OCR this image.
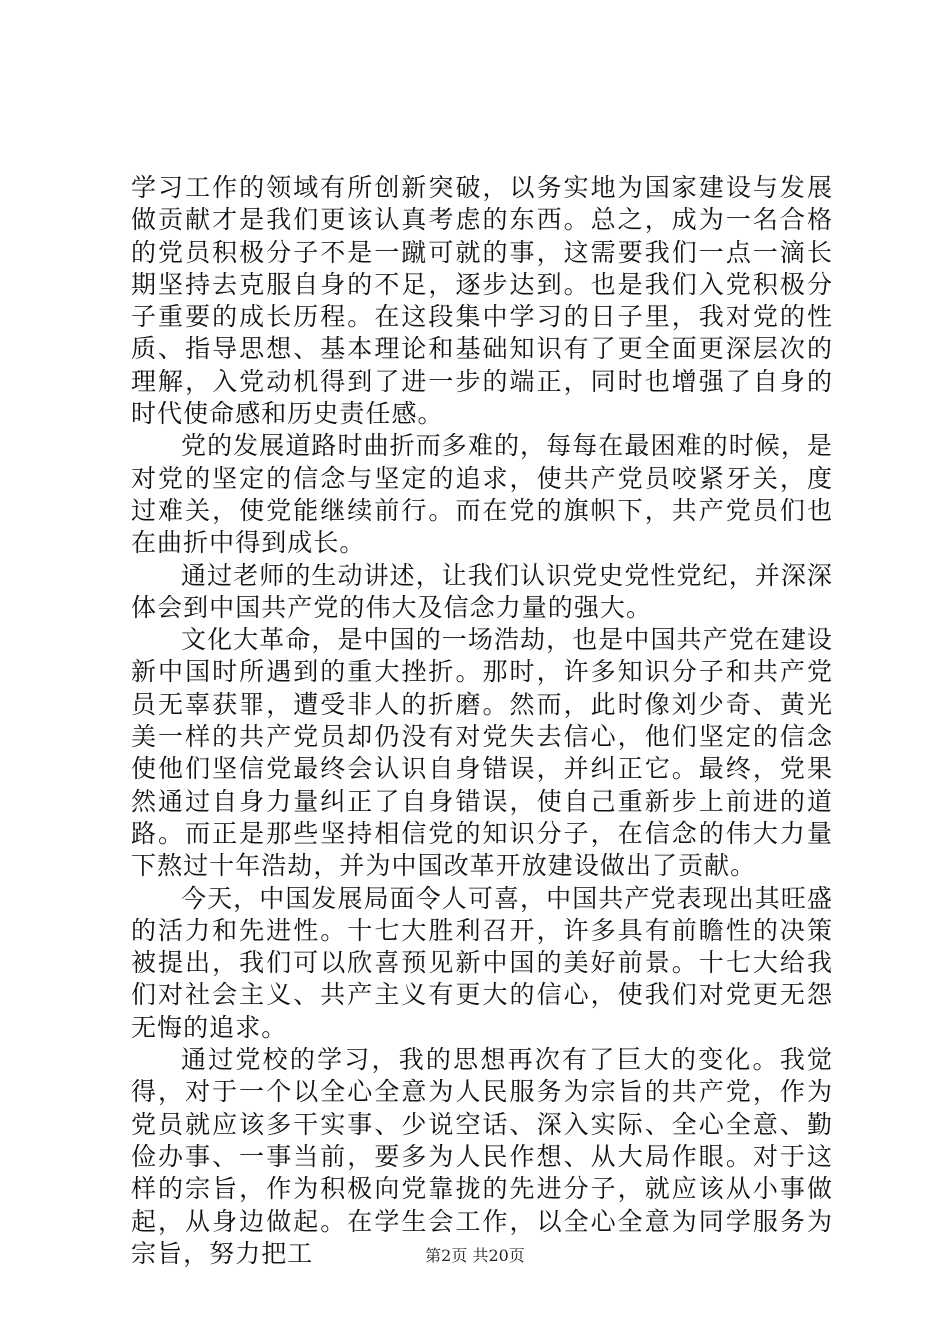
学习工作的领域有所创新突破，以务实地为国家建设与发展做贡献才是我们更该认真考虑的东西。总之，成为一名合格的党员积极分子不是一蹴可就的事，这需要我们一点一滴长期坚持去克服自身的不足，逐步达到。也是我们入党积极分子重要的成长历程。在这段集中学习的日子里，我对党的性质、指导思想、基本理论和基础知识有了更全面更深层次的理解，入党动机得到了进一步的端正，同时也增强了自身的时代使命感和历史责任感。

党的发展道路时曲折而多难的，每每在最困难的时候，是对党的坚定的信念与坚定的追求，使共产党员咬紧牙关，度过难关，使党能继续前行。而在党的旗帜下，共产党员们也在曲折中得到成长。

通过老师的生动讲述，让我们认识党史党性党纪，并深深体会到中国共产党的伟大及信念力量的强大。

文化大革命，是中国的一场浩劫，也是中国共产党在建设新中国时所遇到的重大挫折。那时，许多知识分子和共产党员无辜获罪，遭受非人的折磨。然而，此时像刘少奇、黄光美一样的共产党员却仍没有对党失去信心，他们坚定的信念使他们坚信党最终会认识自身错误，并纠正它。最终，党果然通过自身力量纠正了自身错误，使自己重新步上前进的道路。而正是那些坚持相信党的知识分子，在信念的伟大力量下熬过十年浩劫，并为中国改革开放建设做出了贡献。

今天，中国发展局面令人可喜，中国共产党表现出其旺盛的活力和先进性。十七大胜利召开，许多具有前瞻性的决策被提出，我们可以欣喜预见新中国的美好前景。十七大给我们对社会主义、共产主义有更大的信心，使我们对党更无怨无悔的追求。

通过党校的学习，我的思想再次有了巨大的变化。我觉得，对于一个以全心全意为人民服务为宗旨的共产党，作为党员就应该多干实事、少说空话、深入实际、全心全意、勤俭办事、一事当前，要多为人民作想、从大局作眼。对于这样的宗旨，作为积极向党靠拢的先进分子，就应该从小事做起，从身边做起。在学生会工作，以全心全意为同学服务为宗旨，努力把工	第2页 共20页
